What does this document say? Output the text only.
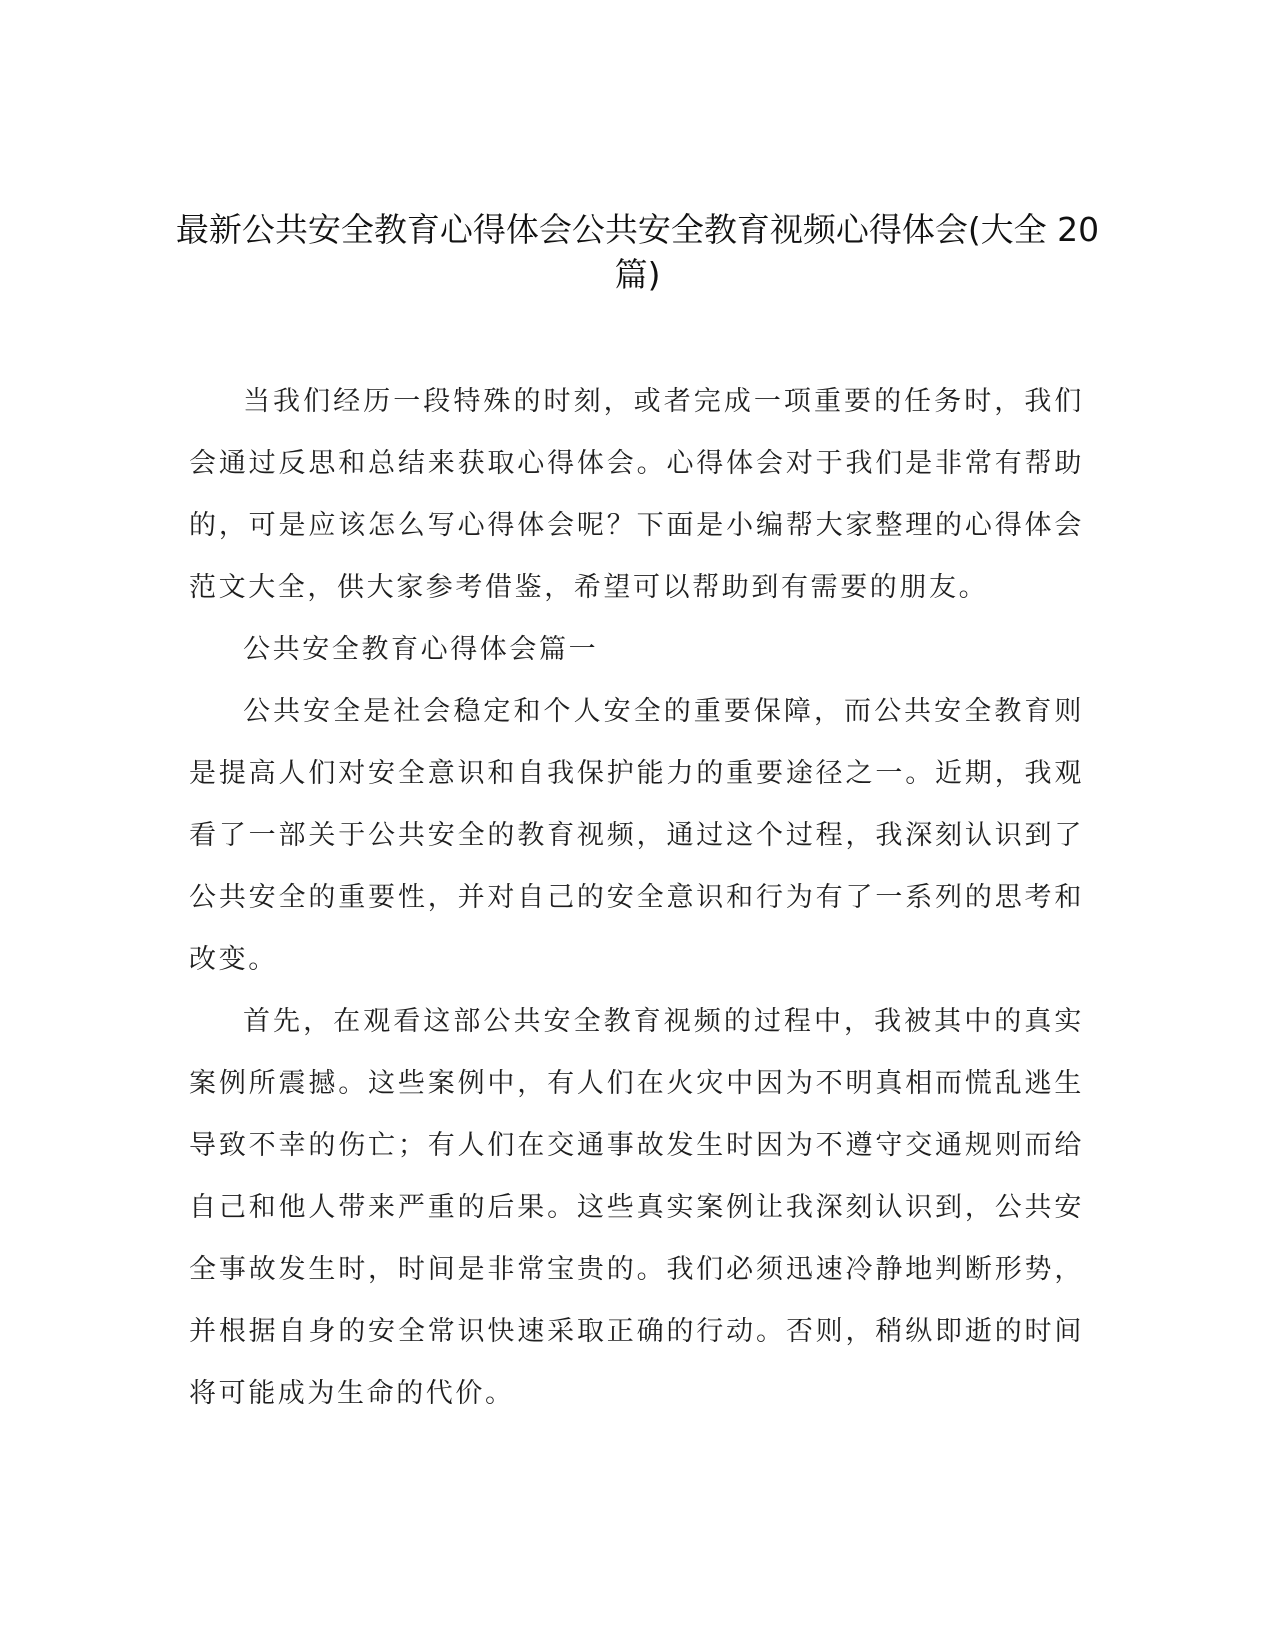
最新公共安全教育心得体会公共安全教育视频心得体会(大全 20 篇)

当我们经历一段特殊的时刻，或者完成一项重要的任务时，我们会通过反思和总结来获取心得体会。心得体会对于我们是非常有帮助的，可是应该怎么写心得体会呢？下面是小编帮大家整理的心得体会范文大全，供大家参考借鉴，希望可以帮助到有需要的朋友。

公共安全教育心得体会篇一

公共安全是社会稳定和个人安全的重要保障，而公共安全教育则是提高人们对安全意识和自我保护能力的重要途径之一。近期，我观看了一部关于公共安全的教育视频，通过这个过程，我深刻认识到了公共安全的重要性，并对自己的安全意识和行为有了一系列的思考和改变。

首先，在观看这部公共安全教育视频的过程中，我被其中的真实案例所震撼。这些案例中，有人们在火灾中因为不明真相而慌乱逃生导致不幸的伤亡；有人们在交通事故发生时因为不遵守交通规则而给自己和他人带来严重的后果。这些真实案例让我深刻认识到，公共安全事故发生时，时间是非常宝贵的。我们必须迅速冷静地判断形势，并根据自身的安全常识快速采取正确的行动。否则，稍纵即逝的时间将可能成为生命的代价。
